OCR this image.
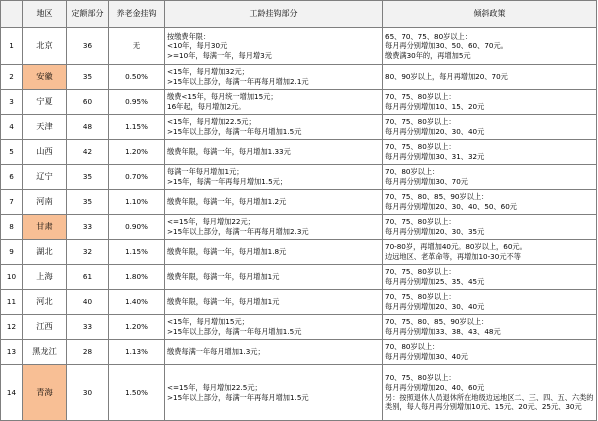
	地区	定额部分	养老金挂钩	工龄挂钩部分	倾斜政策
1	北京	36	无	按缴费年限：
<10年，每月30元
>=10年，每满一年，每月增3元	65、70、75、80岁以上：
每月再分别增加30、50、60、70元。
缴费满30年的，再增加5元
2	安徽	35	0.50%	<15年，每月增加32元；
>15年以上部分，每满一年再每月增加2.1元	80、90岁以上，每月再增加20、70元
3	宁夏	60	0.95%	缴费<15年，每月统一增加15元；
16年起，每月增加2元。	70、75、80岁以上：
每月再分别增加10、15、20元
4	天津	48	1.15%	<15年，每月增加22.5元；
>15年以上部分，每满一年每月增加1.5元	70、75、80岁以上：
每月再分别增加20、30、40元
5	山西	42	1.20%	缴费年限，每满一年，每月增加1.33元	70、75、80岁以上：
每月再分别增加30、31、32元
6	辽宁	35	0.70%	每满一年每月增加1元；
>15年，每满一年再每月增加1.5元；	70、80岁以上：
每月再分别增加30、70元
7	河南	35	1.10%	缴费年限，每满一年，每月增加1.2元	70、75、80、85、90岁以上：
每月再分别增加20、30、40、50、60元
8	甘肃	33	0.90%	<=15年，每月增加22元；
>15年以上部分，每满一年再每月增加2.3元	70、75、80岁以上：
每月再分别增加20、30、35元
9	湖北	32	1.15%	缴费年限，每满一年，每月增加1.8元	70-80岁，再增加40元。80岁以上，60元。
边远地区、老革命等，再增加10-30元不等
10	上海	61	1.80%	缴费年限，每满一年，每月增加1元	70、75、80岁以上：
每月再分别增加25、35、45元
11	河北	40	1.40%	缴费年限，每满一年，每月增加1元	70、75、80岁以上：
每月再分别增加20、30、40元
12	江西	33	1.20%	<15年，每月增加15元；
>15年以上部分，每满一年每月增加1.5元	70、75、80、85、90岁以上：
每月再分别增加33、38、43、48元
13	黑龙江	28	1.13%	缴费每满一年每月增加1.3元；	70、80岁以上：
每月再分别增加30、40元
14	青海	30	1.50%	<=15年，每月增加22.5元；
>15年以上部分，每满一年再每月增加1.5元	70、75、80岁以上：
每月再分别增加20、40、60元
另：按照退休人员退休所在地级边远地区二、三、四、五、六类的类别，每人每月再分别增加10元、15元、20元、25元、30元
